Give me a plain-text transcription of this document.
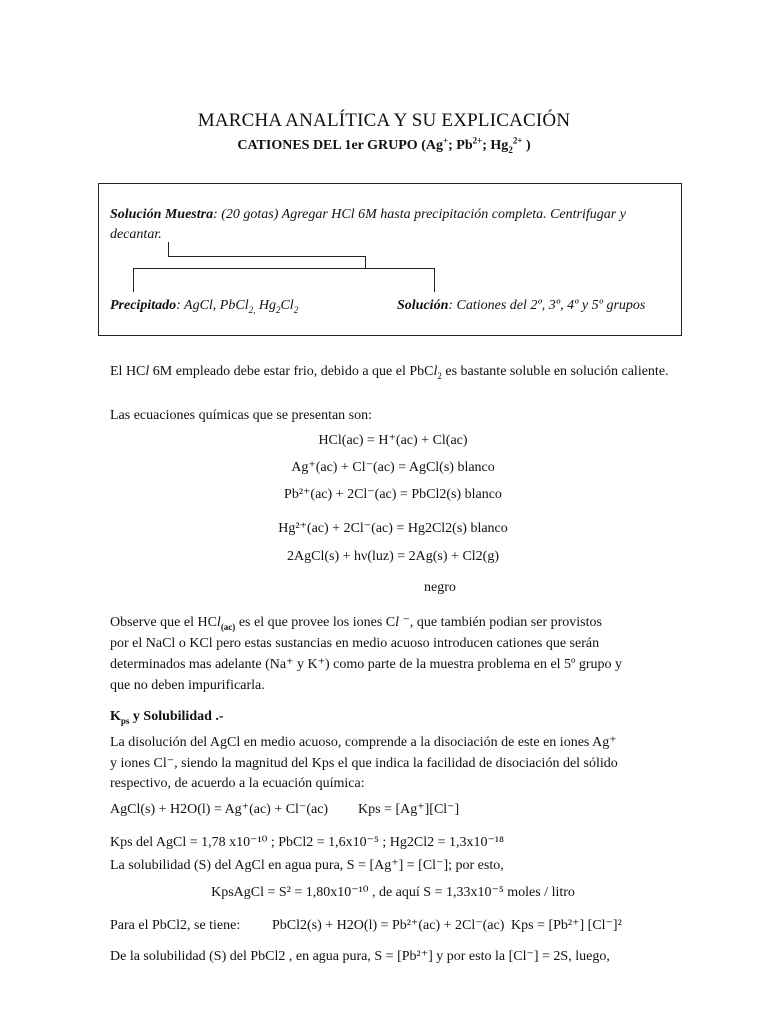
MARCHA ANALÍTICA Y SU EXPLICACIÓN
CATIONES DEL 1er GRUPO (Ag+; $Pb^{2+}$; $Hg_2^{2+}$ )
Solución Muestra: (20 gotas) Agregar HCl 6M hasta precipitación completa. Centrifugar y decantar.
Precipitado: AgCl, PbCl$_{2,}$ $Hg_2Cl_2$	Solución: Cationes del 2º, 3º, 4º y 5º grupos
El HCl 6M empleado debe estar frio, debido a que el PbCl$_2$ es bastante soluble en solución caliente.
Las ecuaciones químicas que se presentan son:
HCl(ac) = H⁺(ac) + Cl(ac)
Ag⁺(ac) + Cl⁻(ac) = AgCl(s) blanco
Pb²⁺(ac) + 2Cl⁻(ac) = PbCl2(s) blanco
Hg²⁺(ac) + 2Cl⁻(ac) = Hg2Cl2(s) blanco
2AgCl(s) + hν(luz) = 2Ag(s) + Cl2(g)
negro
Observe que el HCl$_{(ac)}$ es el que provee los iones Cl ⁻, que también podian ser provistos
por el NaCl o KCl pero estas sustancias en medio acuoso introducen cationes que serán
determinados mas adelante (Na⁺ y K⁺) como parte de la muestra problema en el 5º grupo y
que no deben impurificarla.
$K_{ps}$ y Solubilidad .-
La disolución del AgCl en medio acuoso, comprende a la disociación de este en iones Ag⁺
y iones Cl⁻, siendo la magnitud del Kps el que indica la facilidad de disociación del sólido
respectivo, de acuerdo a la ecuación química:
AgCl(s) + H2O(l) = Ag⁺(ac) + Cl⁻(ac) Kps = [Ag⁺][Cl⁻]
Kps del AgCl = 1,78 x10⁻¹⁰ ; PbCl2 = 1,6x10⁻⁵ ; Hg2Cl2 = 1,3x10⁻¹⁸
La solubilidad (S) del AgCl en agua pura, S = [Ag⁺] = [Cl⁻]; por esto,
KpsAgCl = S² = 1,80x10⁻¹⁰ , de aquí S = 1,33x10⁻⁵ moles / litro
Para el PbCl2, se tiene: PbCl2(s) + H2O(l) = Pb²⁺(ac) + 2Cl⁻(ac) Kps = [Pb²⁺] [Cl⁻]²
De la solubilidad (S) del PbCl2 , en agua pura, S = [Pb²⁺] y por esto la [Cl⁻] = 2S, luego,
